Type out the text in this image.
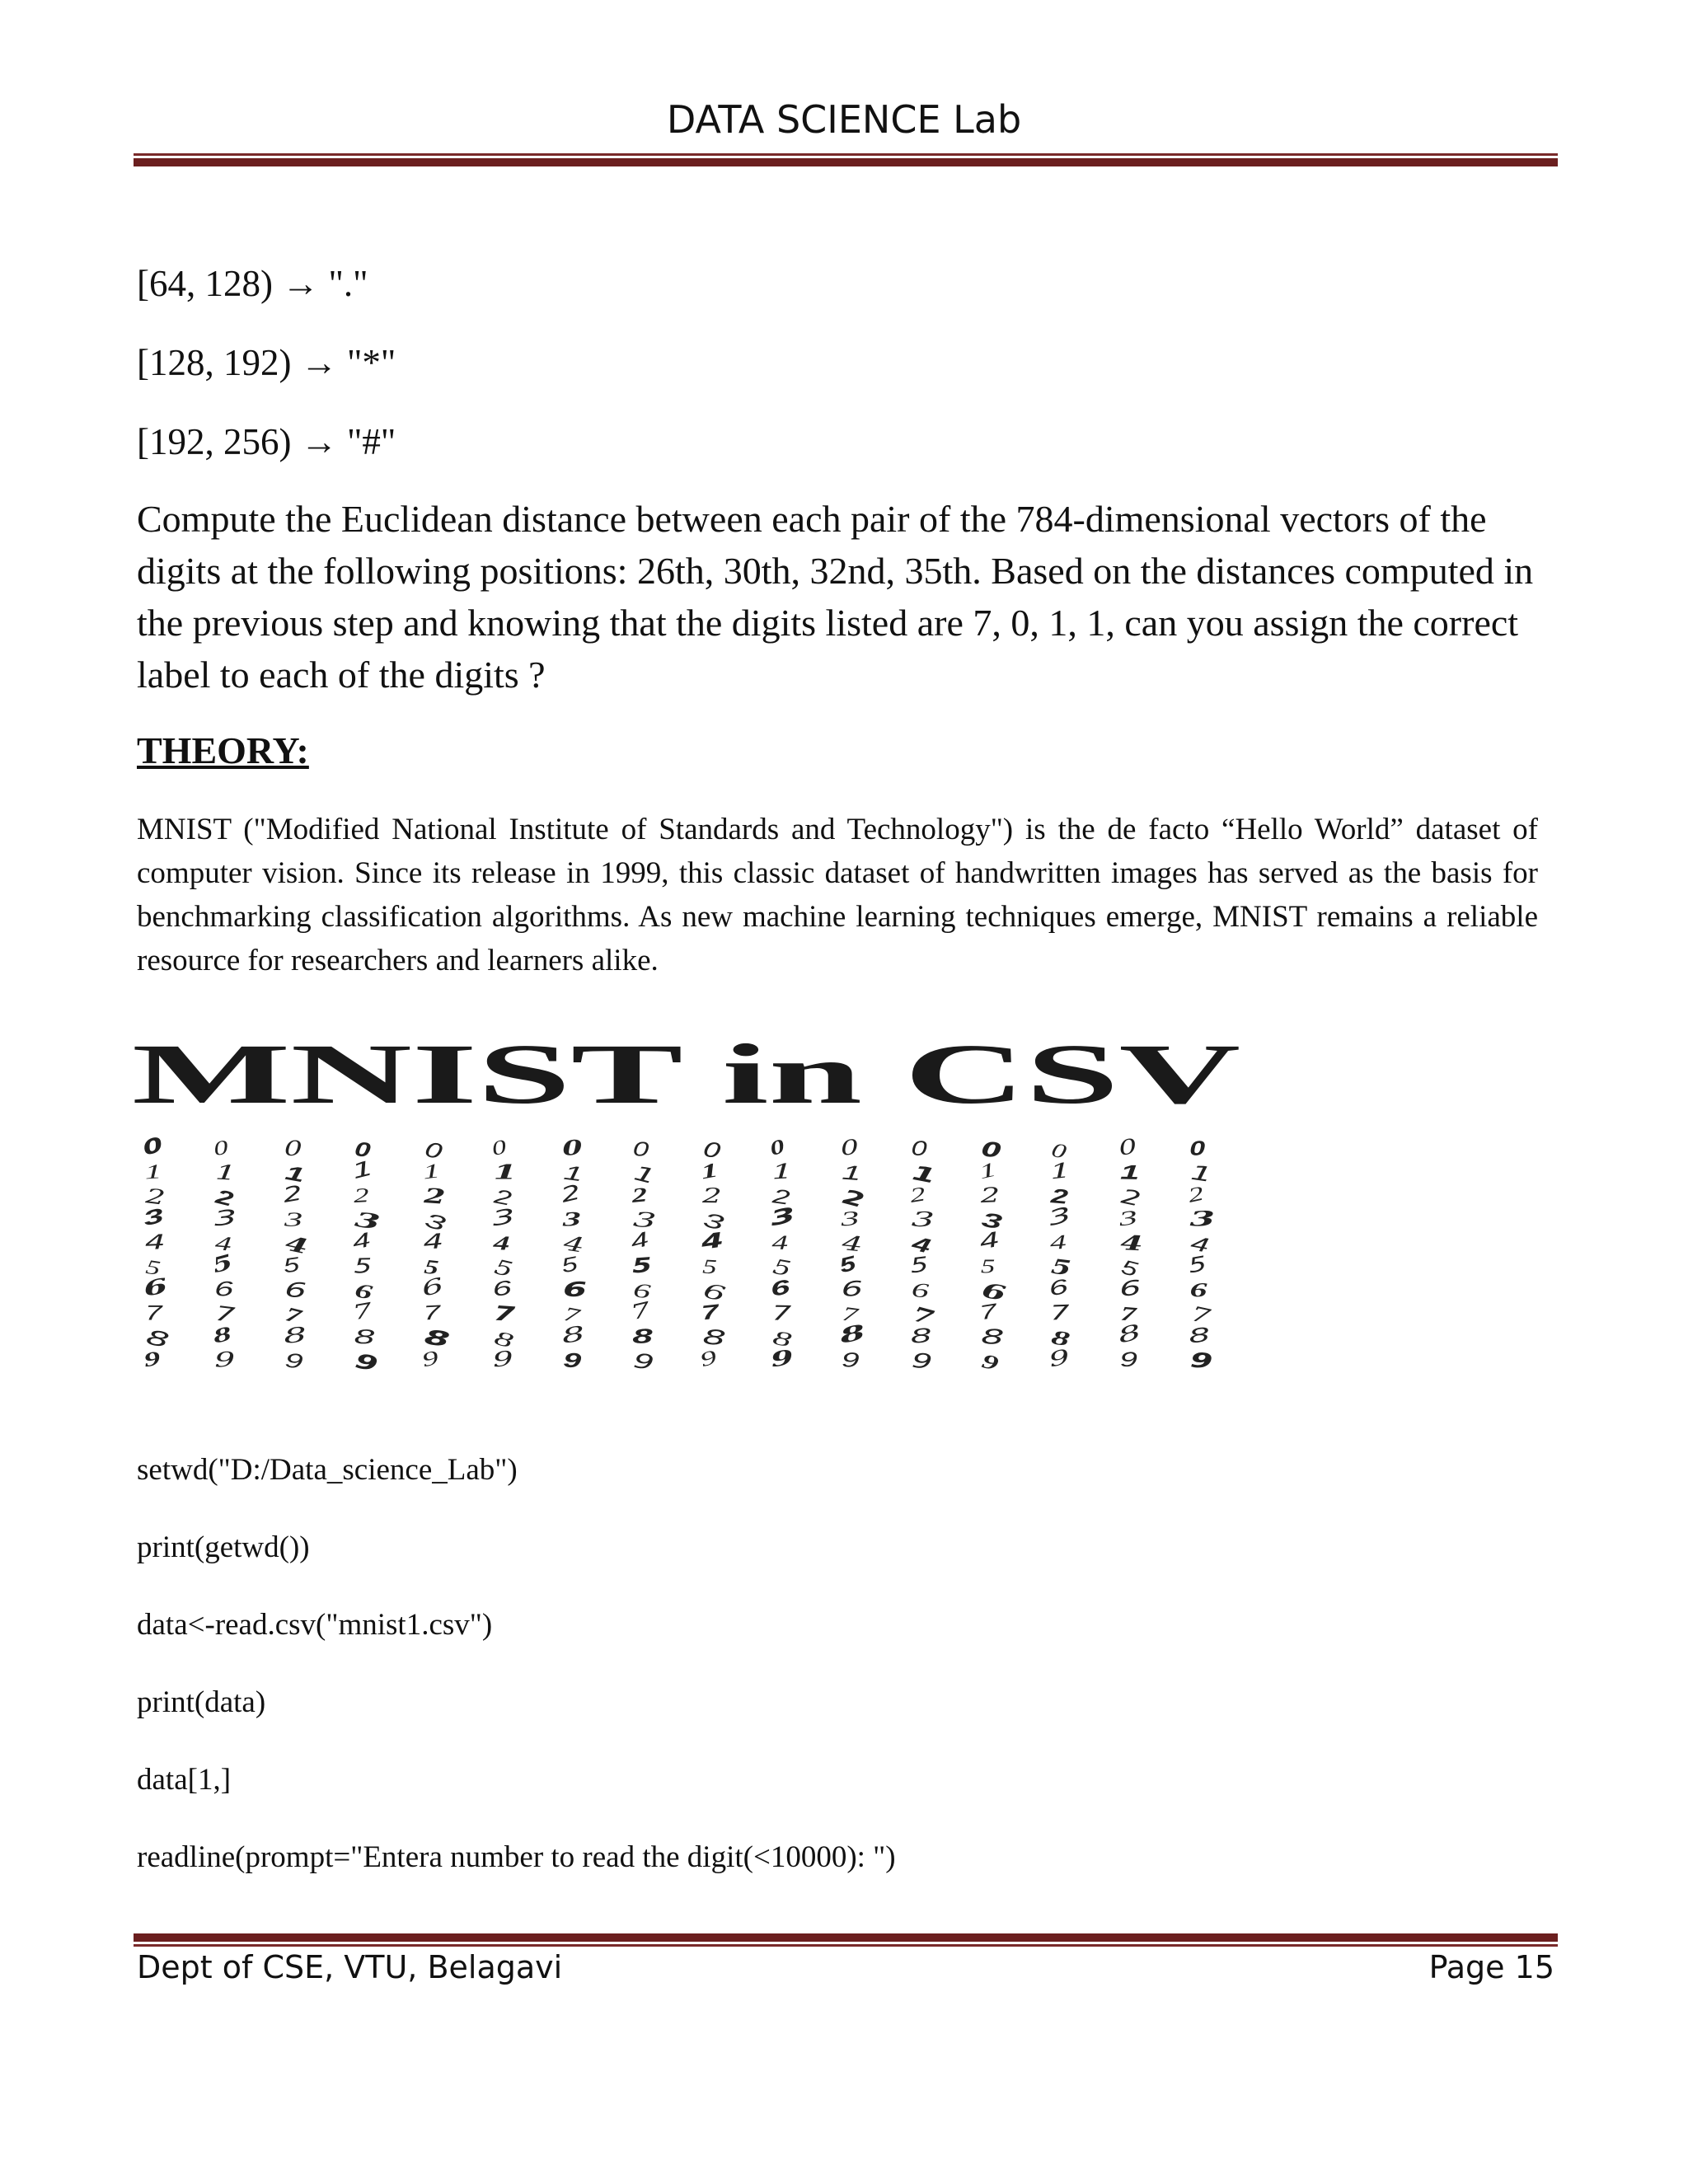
DATA SCIENCE Lab
[64, 128) → "."
[128, 192) → "*"
[192, 256) → "#"

Compute the Euclidean distance between each pair of the 784-dimensional vectors of the digits at the following positions: 26th, 30th, 32nd, 35th. Based on the distances computed in the previous step and knowing that the digits listed are 7, 0, 1, 1, can you assign the correct label to each of the digits ?

THEORY:

MNIST ("Modified National Institute of Standards and Technology") is the de facto “Hello World” dataset of computer vision. Since its release in 1999, this classic dataset of handwritten images has served as the basis for benchmarking classification algorithms. As new machine learning techniques emerge, MNIST remains a reliable resource for researchers and learners alike.

MNIST in CSV
0 0 0 0 0 0 0 0 0 0 0 0 0 0 0 0
1 1 1 1 1 1 1 1 1 1 1 1 1 1 1 1
2 2 2 2 2 2 2 2 2 2 2 2 2 2 2 2
3 3 3 3 3 3 3 3 3 3 3 3 3 3 3 3
4 4 4 4 4 4 4 4 4 4 4 4 4 4 4 4
5 5 5 5 5 5 5 5 5 5 5 5 5 5 5 5
6 6 6 6 6 6 6 6 6 6 6 6 6 6 6 6
7 7 7 7 7 7 7 7 7 7 7 7 7 7 7 7
8 8 8 8 8 8 8 8 8 8 8 8 8 8 8 8
9 9 9 9 9 9 9 9 9 9 9 9 9 9 9 9
setwd("D:/Data_science_Lab")
print(getwd())
data<-read.csv("mnist1.csv")
print(data)
data[1,]
readline(prompt="Entera number to read the digit(<10000): ")
Dept of CSE, VTU, Belagavi	Page 15
